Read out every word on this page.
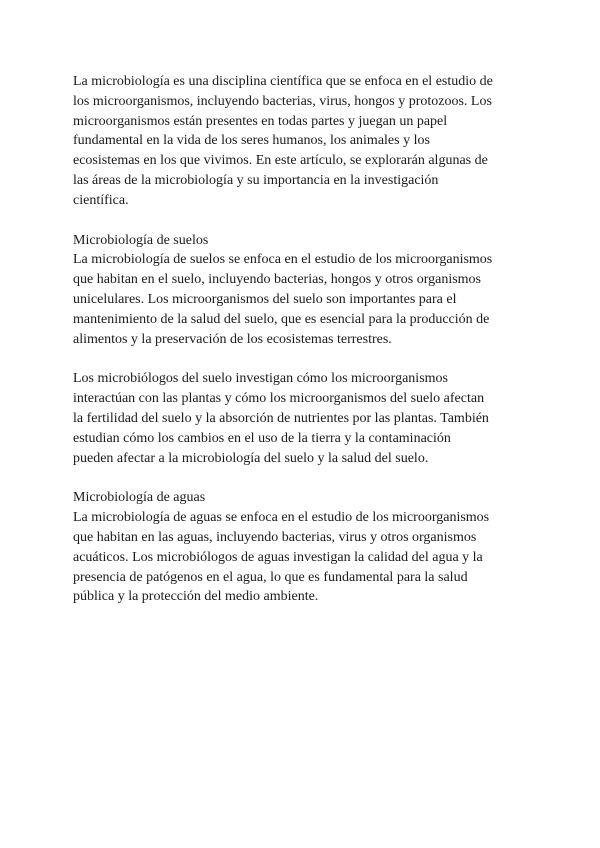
La microbiología es una disciplina científica que se enfoca en el estudio de
los microorganismos, incluyendo bacterias, virus, hongos y protozoos. Los
microorganismos están presentes en todas partes y juegan un papel
fundamental en la vida de los seres humanos, los animales y los
ecosistemas en los que vivimos. En este artículo, se explorarán algunas de
las áreas de la microbiología y su importancia en la investigación
científica.
Microbiología de suelos
La microbiología de suelos se enfoca en el estudio de los microorganismos
que habitan en el suelo, incluyendo bacterias, hongos y otros organismos
unicelulares. Los microorganismos del suelo son importantes para el
mantenimiento de la salud del suelo, que es esencial para la producción de
alimentos y la preservación de los ecosistemas terrestres.
Los microbiólogos del suelo investigan cómo los microorganismos
interactúan con las plantas y cómo los microorganismos del suelo afectan
la fertilidad del suelo y la absorción de nutrientes por las plantas. También
estudian cómo los cambios en el uso de la tierra y la contaminación
pueden afectar a la microbiología del suelo y la salud del suelo.
Microbiología de aguas
La microbiología de aguas se enfoca en el estudio de los microorganismos
que habitan en las aguas, incluyendo bacterias, virus y otros organismos
acuáticos. Los microbiólogos de aguas investigan la calidad del agua y la
presencia de patógenos en el agua, lo que es fundamental para la salud
pública y la protección del medio ambiente.
